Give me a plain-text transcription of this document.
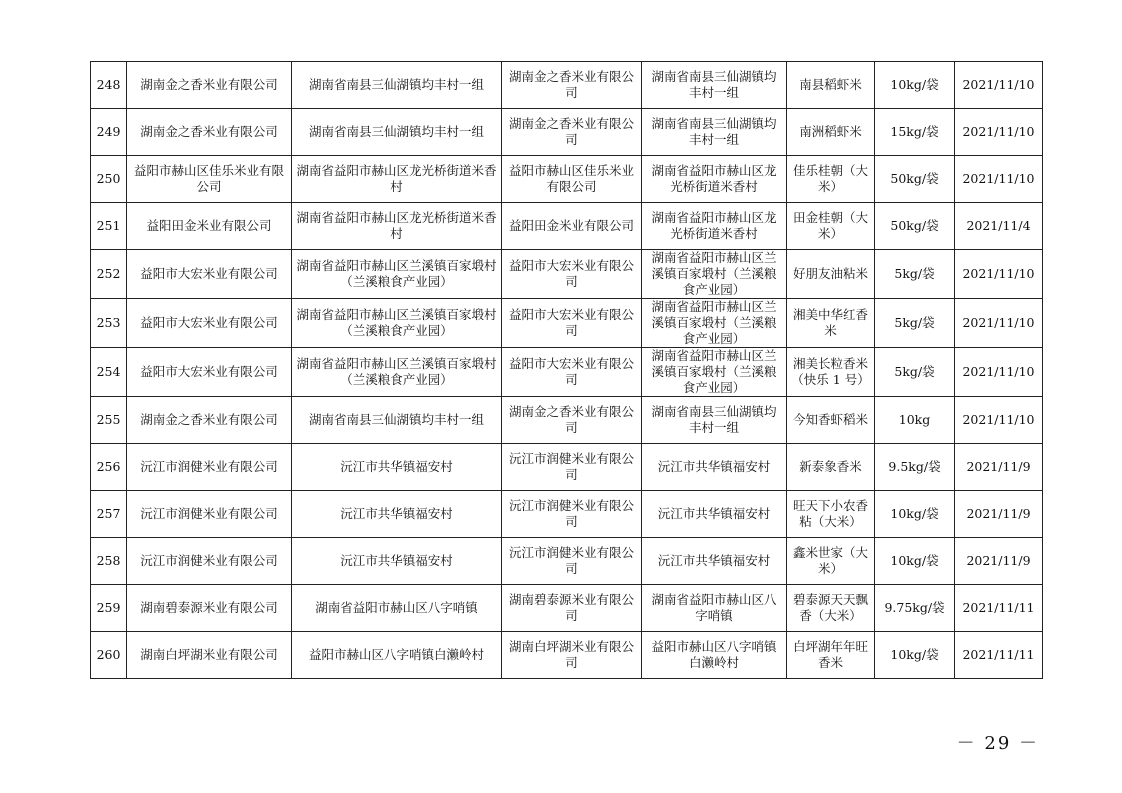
248	湖南金之香米业有限公司	湖南省南县三仙湖镇均丰村一组	湖南金之香米业有限公司	湖南省南县三仙湖镇均丰村一组	南县稻虾米	10kg/袋	2021/11/10
249	湖南金之香米业有限公司	湖南省南县三仙湖镇均丰村一组	湖南金之香米业有限公司	湖南省南县三仙湖镇均丰村一组	南洲稻虾米	15kg/袋	2021/11/10
250	益阳市赫山区佳乐米业有限公司	湖南省益阳市赫山区龙光桥街道米香村	益阳市赫山区佳乐米业有限公司	湖南省益阳市赫山区龙光桥街道米香村	佳乐桂朝（大米）	50kg/袋	2021/11/10
251	益阳田金米业有限公司	湖南省益阳市赫山区龙光桥街道米香村	益阳田金米业有限公司	湖南省益阳市赫山区龙光桥街道米香村	田金桂朝（大米）	50kg/袋	2021/11/4
252	益阳市大宏米业有限公司	湖南省益阳市赫山区兰溪镇百家塅村（兰溪粮食产业园）	益阳市大宏米业有限公司	湖南省益阳市赫山区兰溪镇百家塅村（兰溪粮食产业园）	好朋友油粘米	5kg/袋	2021/11/10
253	益阳市大宏米业有限公司	湖南省益阳市赫山区兰溪镇百家塅村（兰溪粮食产业园）	益阳市大宏米业有限公司	湖南省益阳市赫山区兰溪镇百家塅村（兰溪粮食产业园）	湘美中华红香米	5kg/袋	2021/11/10
254	益阳市大宏米业有限公司	湖南省益阳市赫山区兰溪镇百家塅村（兰溪粮食产业园）	益阳市大宏米业有限公司	湖南省益阳市赫山区兰溪镇百家塅村（兰溪粮食产业园）	湘美长粒香米（快乐 1 号）	5kg/袋	2021/11/10
255	湖南金之香米业有限公司	湖南省南县三仙湖镇均丰村一组	湖南金之香米业有限公司	湖南省南县三仙湖镇均丰村一组	今知香虾稻米	10kg	2021/11/10
256	沅江市润健米业有限公司	沅江市共华镇福安村	沅江市润健米业有限公司	沅江市共华镇福安村	新泰象香米	9.5kg/袋	2021/11/9
257	沅江市润健米业有限公司	沅江市共华镇福安村	沅江市润健米业有限公司	沅江市共华镇福安村	旺天下小农香粘（大米）	10kg/袋	2021/11/9
258	沅江市润健米业有限公司	沅江市共华镇福安村	沅江市润健米业有限公司	沅江市共华镇福安村	鑫米世家（大米）	10kg/袋	2021/11/9
259	湖南碧泰源米业有限公司	湖南省益阳市赫山区八字哨镇	湖南碧泰源米业有限公司	湖南省益阳市赫山区八字哨镇	碧泰源天天飘香（大米）	9.75kg/袋	2021/11/11
260	湖南白坪湖米业有限公司	益阳市赫山区八字哨镇白濑岭村	湖南白坪湖米业有限公司	益阳市赫山区八字哨镇白濑岭村	白坪湖年年旺香米	10kg/袋	2021/11/11
－ 29 －
